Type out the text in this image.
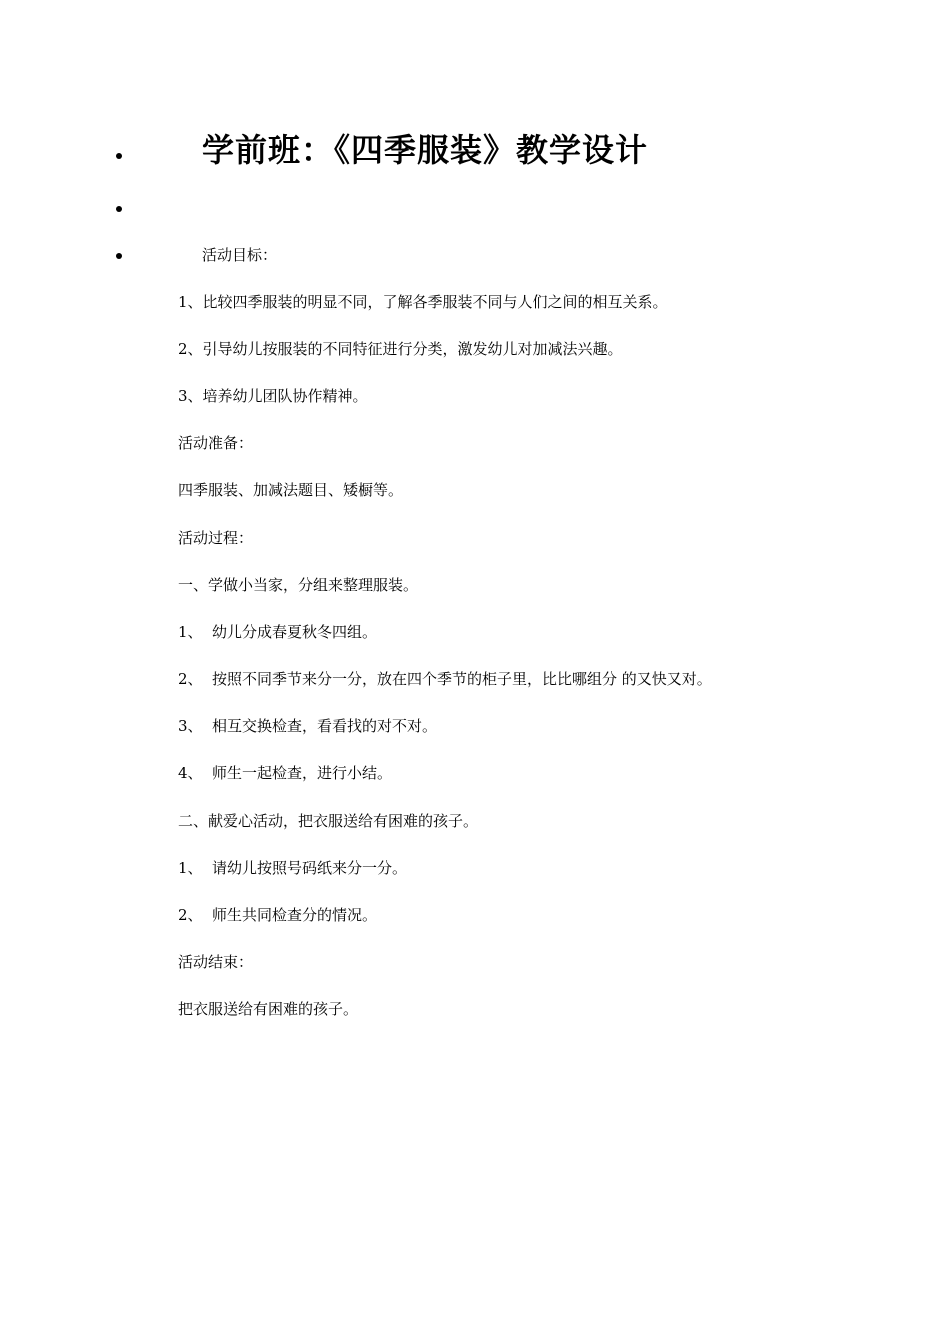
学前班：《四季服装》教学设计
活动目标：
1、比较四季服装的明显不同，了解各季服装不同与人们之间的相互关系。
2、引导幼儿按服装的不同特征进行分类，激发幼儿对加减法兴趣。
3、培养幼儿团队协作精神。
活动准备：
四季服装、加减法题目、矮橱等。
活动过程：
一、学做小当家，分组来整理服装。
1、 幼儿分成春夏秋冬四组。
2、 按照不同季节来分一分，放在四个季节的柜子里，比比哪组分 的又快又对。
3、 相互交换检查，看看找的对不对。
4、 师生一起检查，进行小结。
二、献爱心活动，把衣服送给有困难的孩子。
1、 请幼儿按照号码纸来分一分。
2、 师生共同检查分的情况。
活动结束：
把衣服送给有困难的孩子。
